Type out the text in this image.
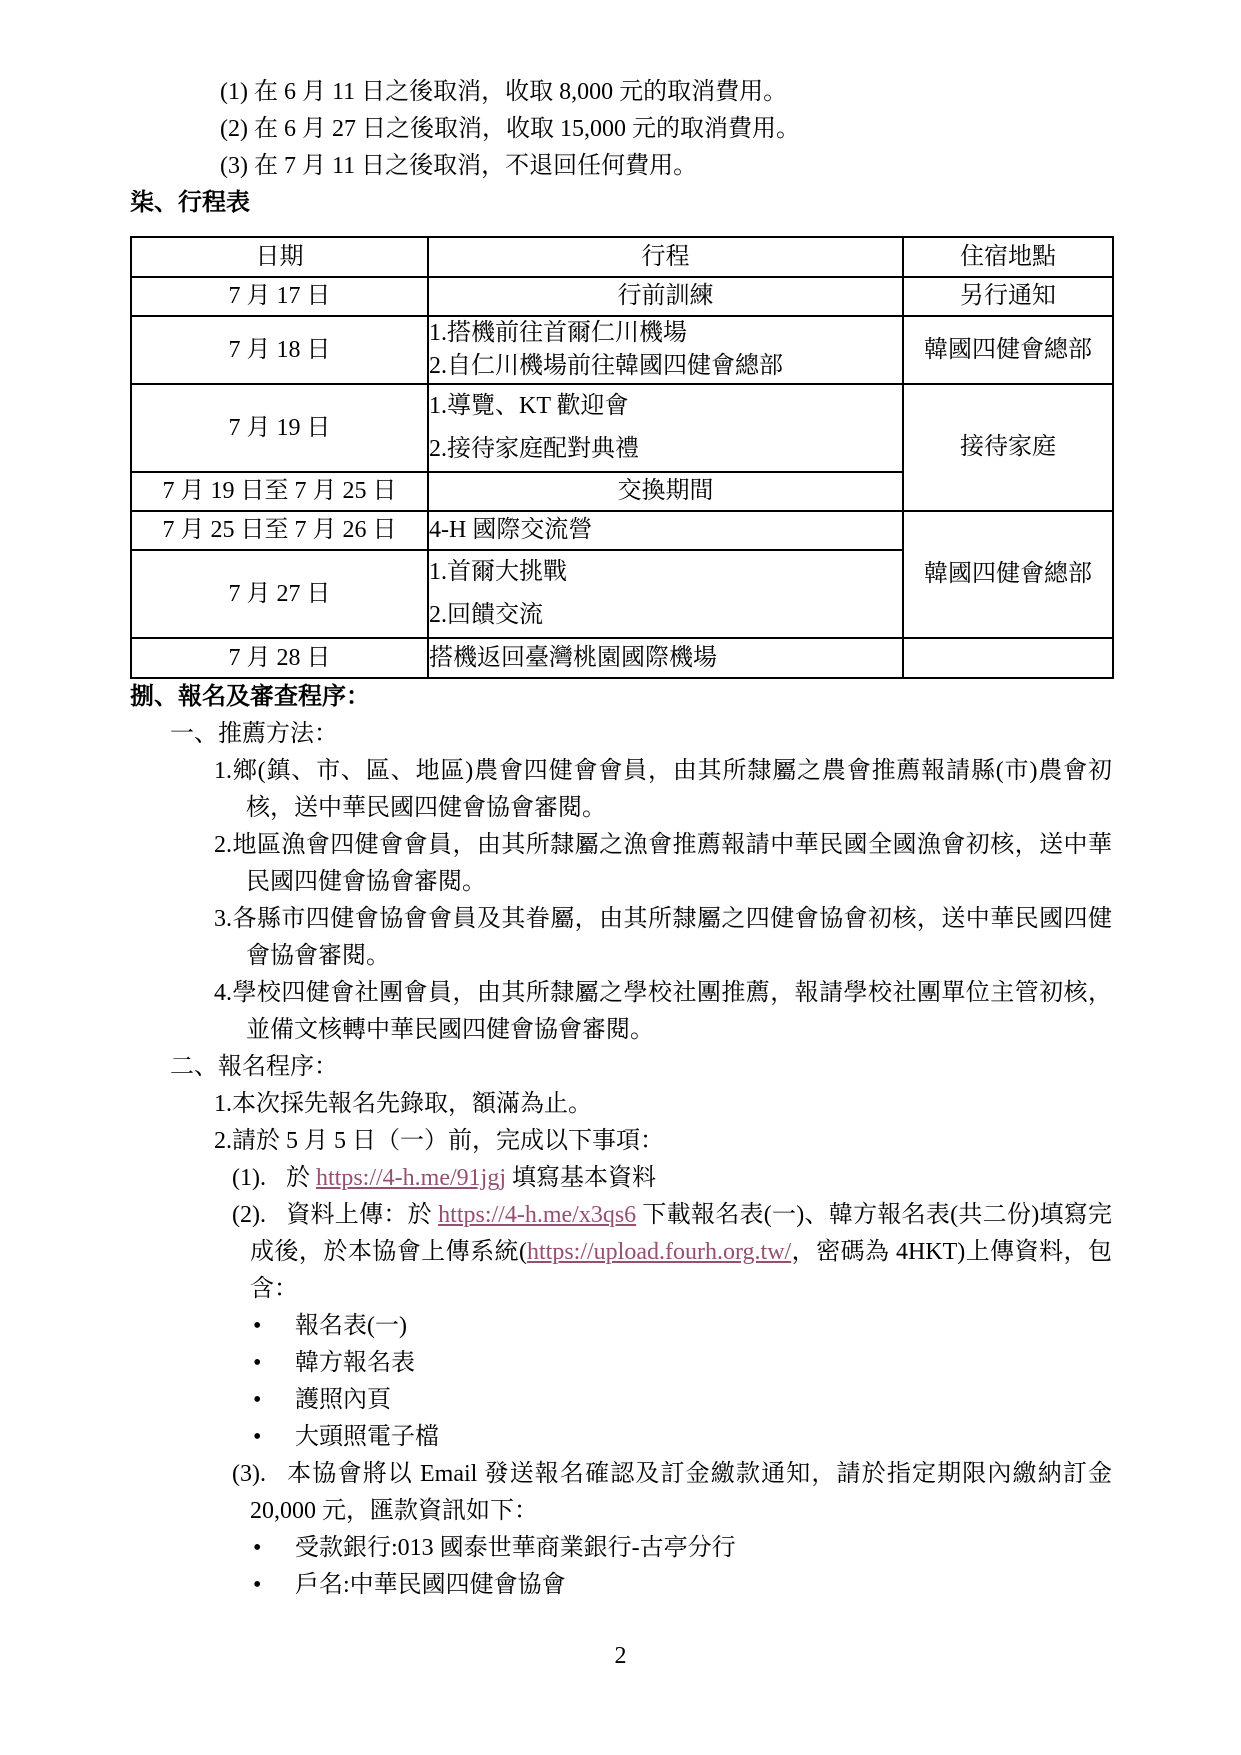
(1) 在 6 月 11 日之後取消，收取 8,000 元的取消費用。
(2) 在 6 月 27 日之後取消，收取 15,000 元的取消費用。
(3) 在 7 月 11 日之後取消，不退回任何費用。
柒、行程表
日期	行程	住宿地點
7 月 17 日	行前訓練	另行通知
7 月 18 日	1.搭機前往首爾仁川機場
2.自仁川機場前往韓國四健會總部	韓國四健會總部
7 月 19 日	1.導覽、KT 歡迎會
2.接待家庭配對典禮	接待家庭
7 月 19 日至 7 月 25 日	交換期間	
7 月 25 日至 7 月 26 日	4-H 國際交流營	韓國四健會總部
7 月 27 日	1.首爾大挑戰
2.回饋交流	

7 月 28 日	搭機返回臺灣桃園國際機場	
捌、報名及審查程序：
一、推薦方法：
1.鄉(鎮、市、區、地區)農會四健會會員，由其所隸屬之農會推薦報請縣(市)農會初核，送中華民國四健會協會審閱。
2.地區漁會四健會會員，由其所隸屬之漁會推薦報請中華民國全國漁會初核，送中華民國四健會協會審閱。
3.各縣市四健會協會會員及其眷屬，由其所隸屬之四健會協會初核，送中華民國四健會協會審閱。
4.學校四健會社團會員，由其所隸屬之學校社團推薦，報請學校社團單位主管初核，並備文核轉中華民國四健會協會審閱。
二、報名程序：
1.本次採先報名先錄取，額滿為止。
2.請於 5 月 5 日（一）前，完成以下事項：
(1). 於 https://4-h.me/91jgj 填寫基本資料
(2). 資料上傳：於 https://4-h.me/x3qs6 下載報名表(一)、韓方報名表(共二份)填寫完成後，於本協會上傳系統(https://upload.fourh.org.tw/，密碼為 4HKT)上傳資料，包含：
• 報名表(一)
• 韓方報名表
• 護照內頁
• 大頭照電子檔
(3). 本協會將以 Email 發送報名確認及訂金繳款通知，請於指定期限內繳納訂金 20,000 元，匯款資訊如下：
• 受款銀行:013 國泰世華商業銀行-古亭分行
• 戶名:中華民國四健會協會
2
